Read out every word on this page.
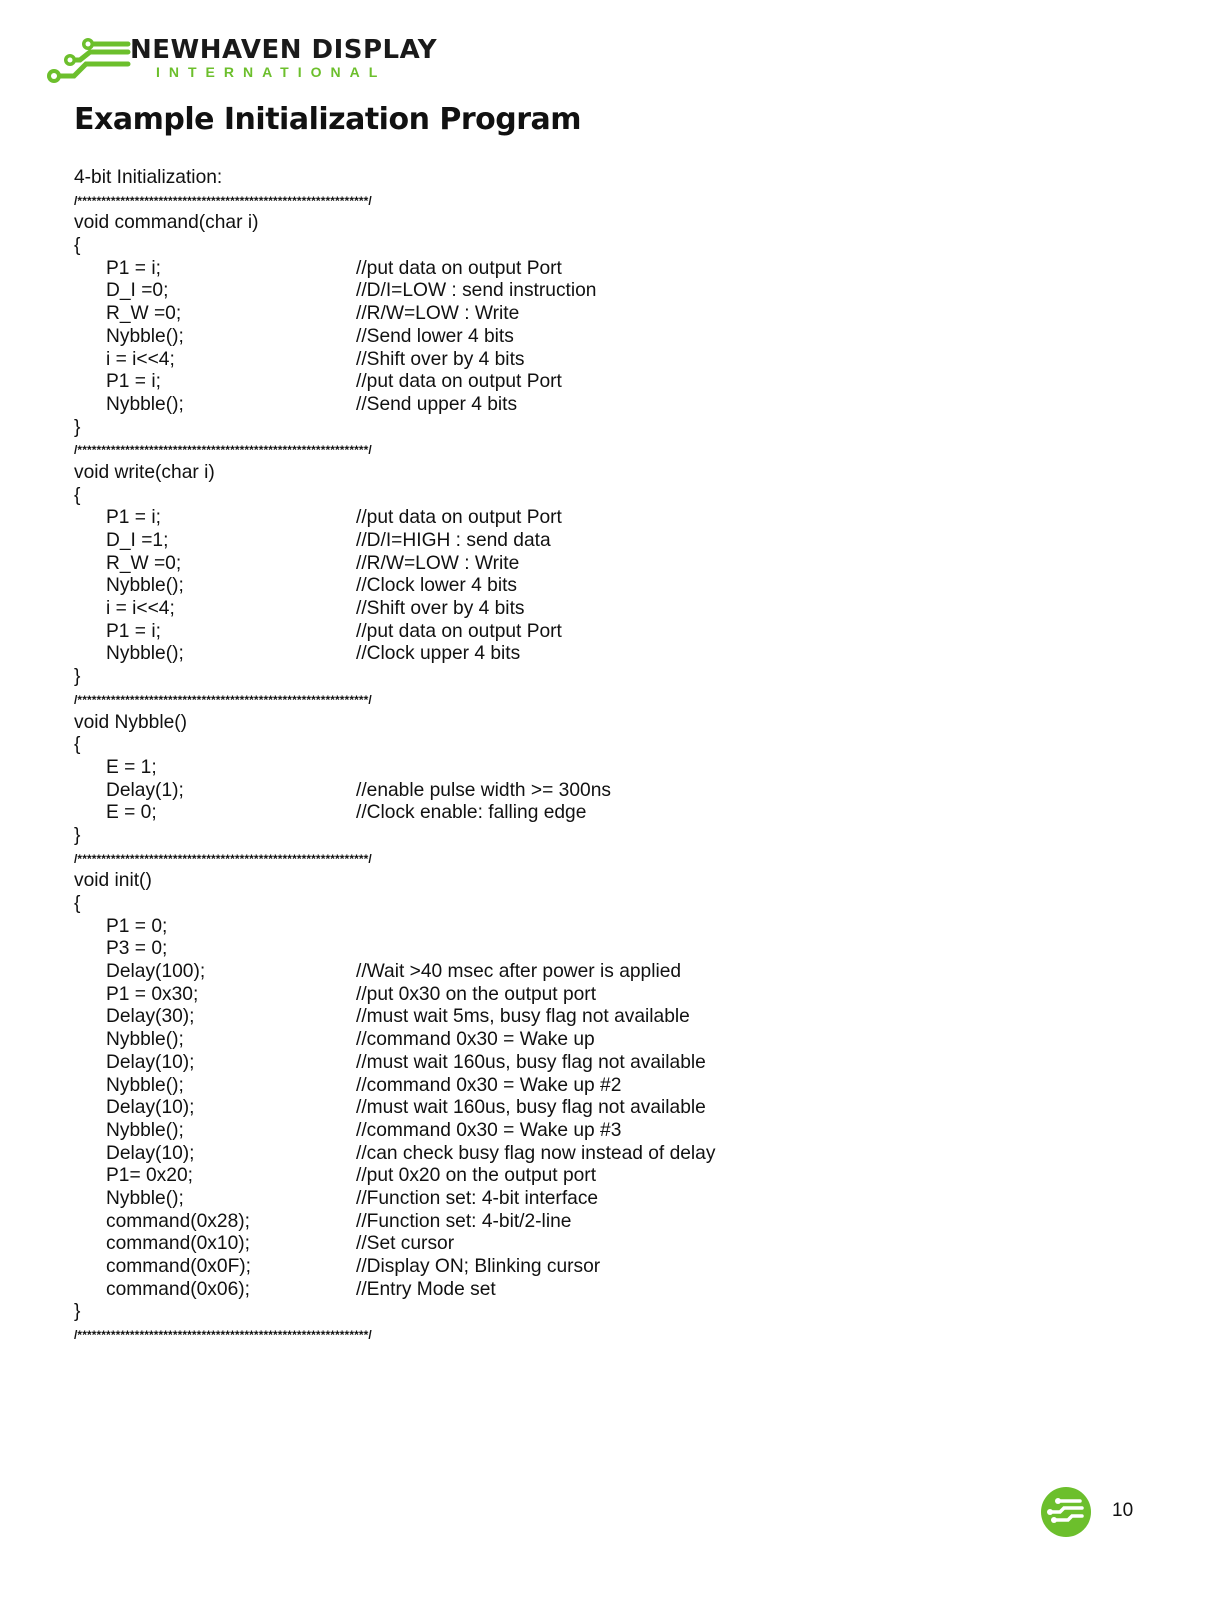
NEWHAVEN DISPLAY
INTERNATIONAL
Example Initialization Program
4-bit Initialization:
/*************************************************************/
void command(char i)
{
P1 = i;	//put data on output Port
D_I =0;	//D/I=LOW : send instruction
R_W =0;	//R/W=LOW : Write
Nybble();	//Send lower 4 bits
i = i<<4;	//Shift over by 4 bits
P1 = i;	//put data on output Port
Nybble();	//Send upper 4 bits
}
/*************************************************************/
void write(char i)
{
P1 = i;	//put data on output Port
D_I =1;	//D/I=HIGH : send data
R_W =0;	//R/W=LOW : Write
Nybble();	//Clock lower 4 bits
i = i<<4;	//Shift over by 4 bits
P1 = i;	//put data on output Port
Nybble();	//Clock upper 4 bits
}
/*************************************************************/
void Nybble()
{
E = 1;
Delay(1);	//enable pulse width >= 300ns
E = 0;	//Clock enable: falling edge
}
/*************************************************************/
void init()
{
P1 = 0;
P3 = 0;
Delay(100);	//Wait >40 msec after power is applied
P1 = 0x30;	//put 0x30 on the output port
Delay(30);	//must wait 5ms, busy flag not available
Nybble();	//command 0x30 = Wake up
Delay(10);	//must wait 160us, busy flag not available
Nybble();	//command 0x30 = Wake up #2
Delay(10);	//must wait 160us, busy flag not available
Nybble();	//command 0x30 = Wake up #3
Delay(10);	//can check busy flag now instead of delay
P1= 0x20;	//put 0x20 on the output port
Nybble();	//Function set: 4-bit interface
command(0x28);	//Function set: 4-bit/2-line
command(0x10);	//Set cursor
command(0x0F);	//Display ON; Blinking cursor
command(0x06);	//Entry Mode set
}
/*************************************************************/
10
